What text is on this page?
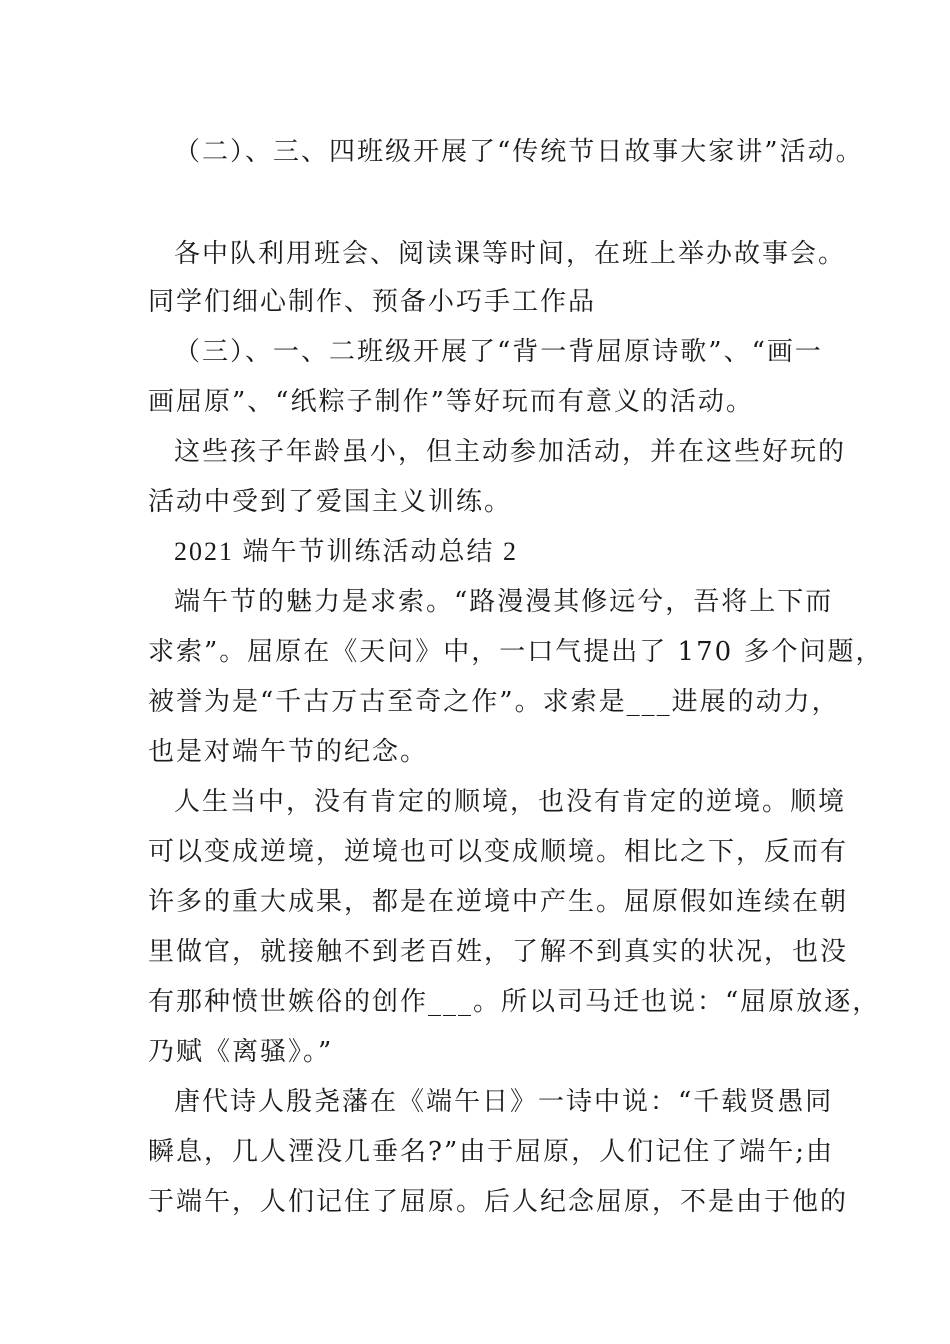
（二）、三、四班级开展了“传统节日故事大家讲”活动。
各中队利用班会、阅读课等时间，在班上举办故事会。
同学们细心制作、预备小巧手工作品
（三）、一、二班级开展了“背一背屈原诗歌”、“画一
画屈原”、“纸粽子制作”等好玩而有意义的活动。
这些孩子年龄虽小，但主动参加活动，并在这些好玩的
活动中受到了爱国主义训练。
2021 端午节训练活动总结 2
端午节的魅力是求索。“路漫漫其修远兮，吾将上下而
求索”。屈原在《天问》中，一口气提出了 170 多个问题，
被誉为是“千古万古至奇之作”。求索是___进展的动力，
也是对端午节的纪念。
人生当中，没有肯定的顺境，也没有肯定的逆境。顺境
可以变成逆境，逆境也可以变成顺境。相比之下，反而有
许多的重大成果，都是在逆境中产生。屈原假如连续在朝
里做官，就接触不到老百姓，了解不到真实的状况，也没
有那种愤世嫉俗的创作___。所以司马迁也说：“屈原放逐，
乃赋《离骚》。”
唐代诗人殷尧藩在《端午日》一诗中说：“千载贤愚同
瞬息，几人湮没几垂名?”由于屈原，人们记住了端午;由
于端午，人们记住了屈原。后人纪念屈原，不是由于他的
